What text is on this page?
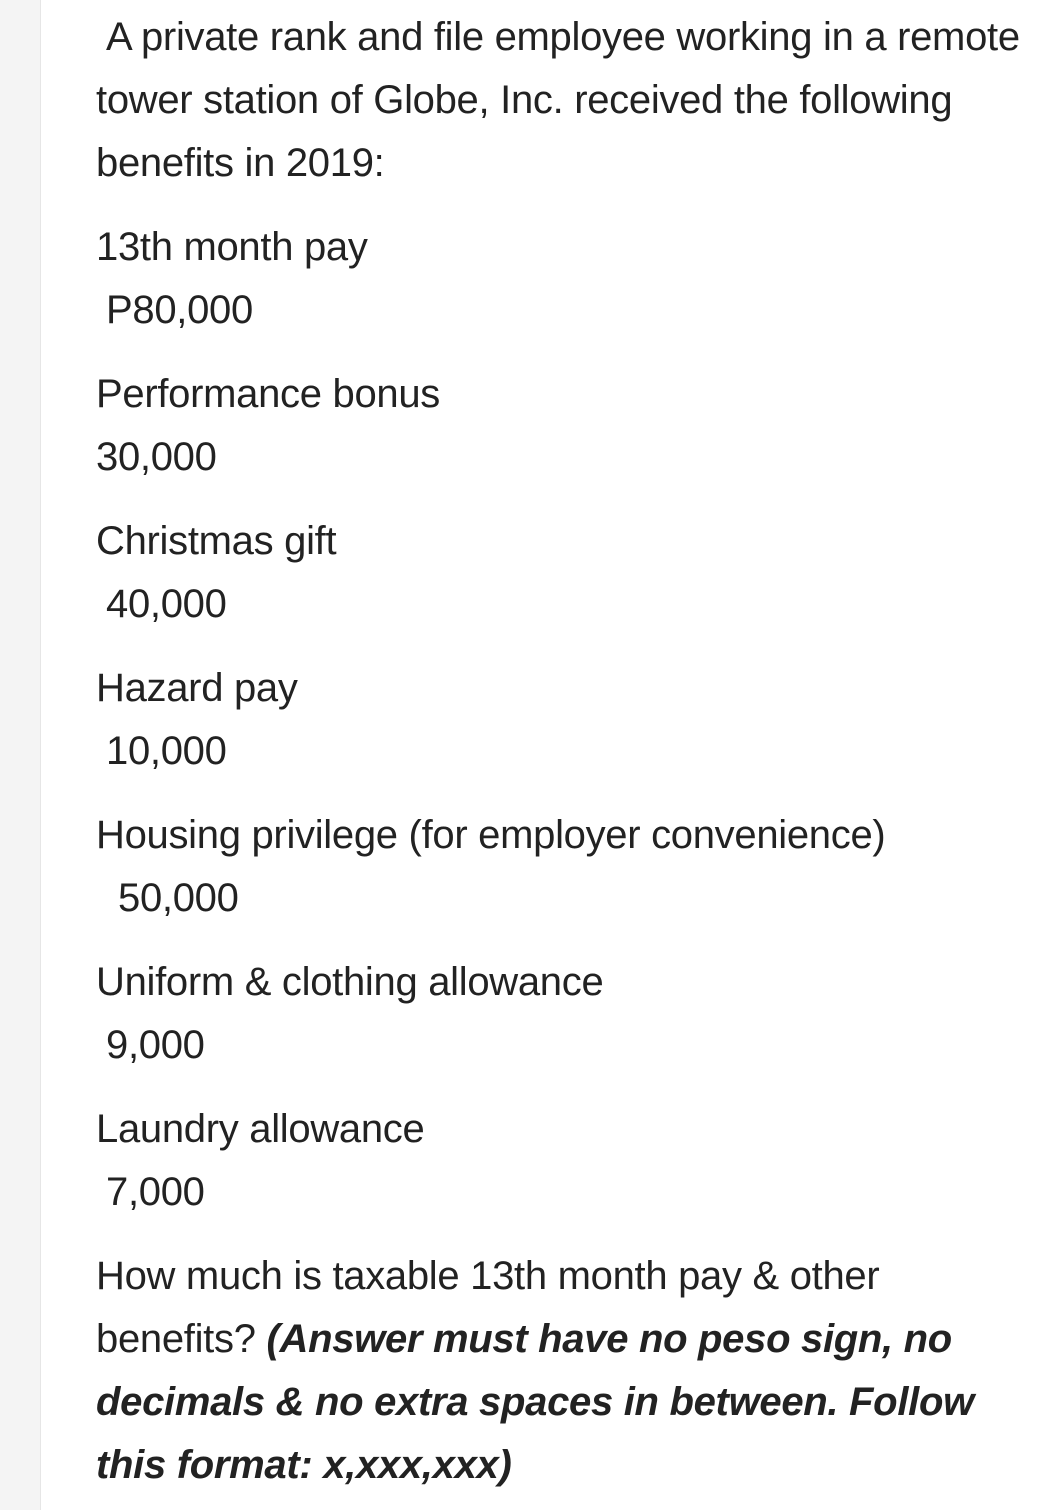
A private rank and file employee working in a remote tower station of Globe, Inc. received the following benefits in 2019:

13th month pay
P80,000
Performance bonus
30,000
Christmas gift
40,000
Hazard pay
10,000
Housing privilege (for employer convenience)
50,000
Uniform & clothing allowance
9,000
Laundry allowance
7,000
How much is taxable 13th month pay & other benefits? (Answer must have no peso sign, no decimals & no extra spaces in between. Follow this format: x,xxx,xxx)
